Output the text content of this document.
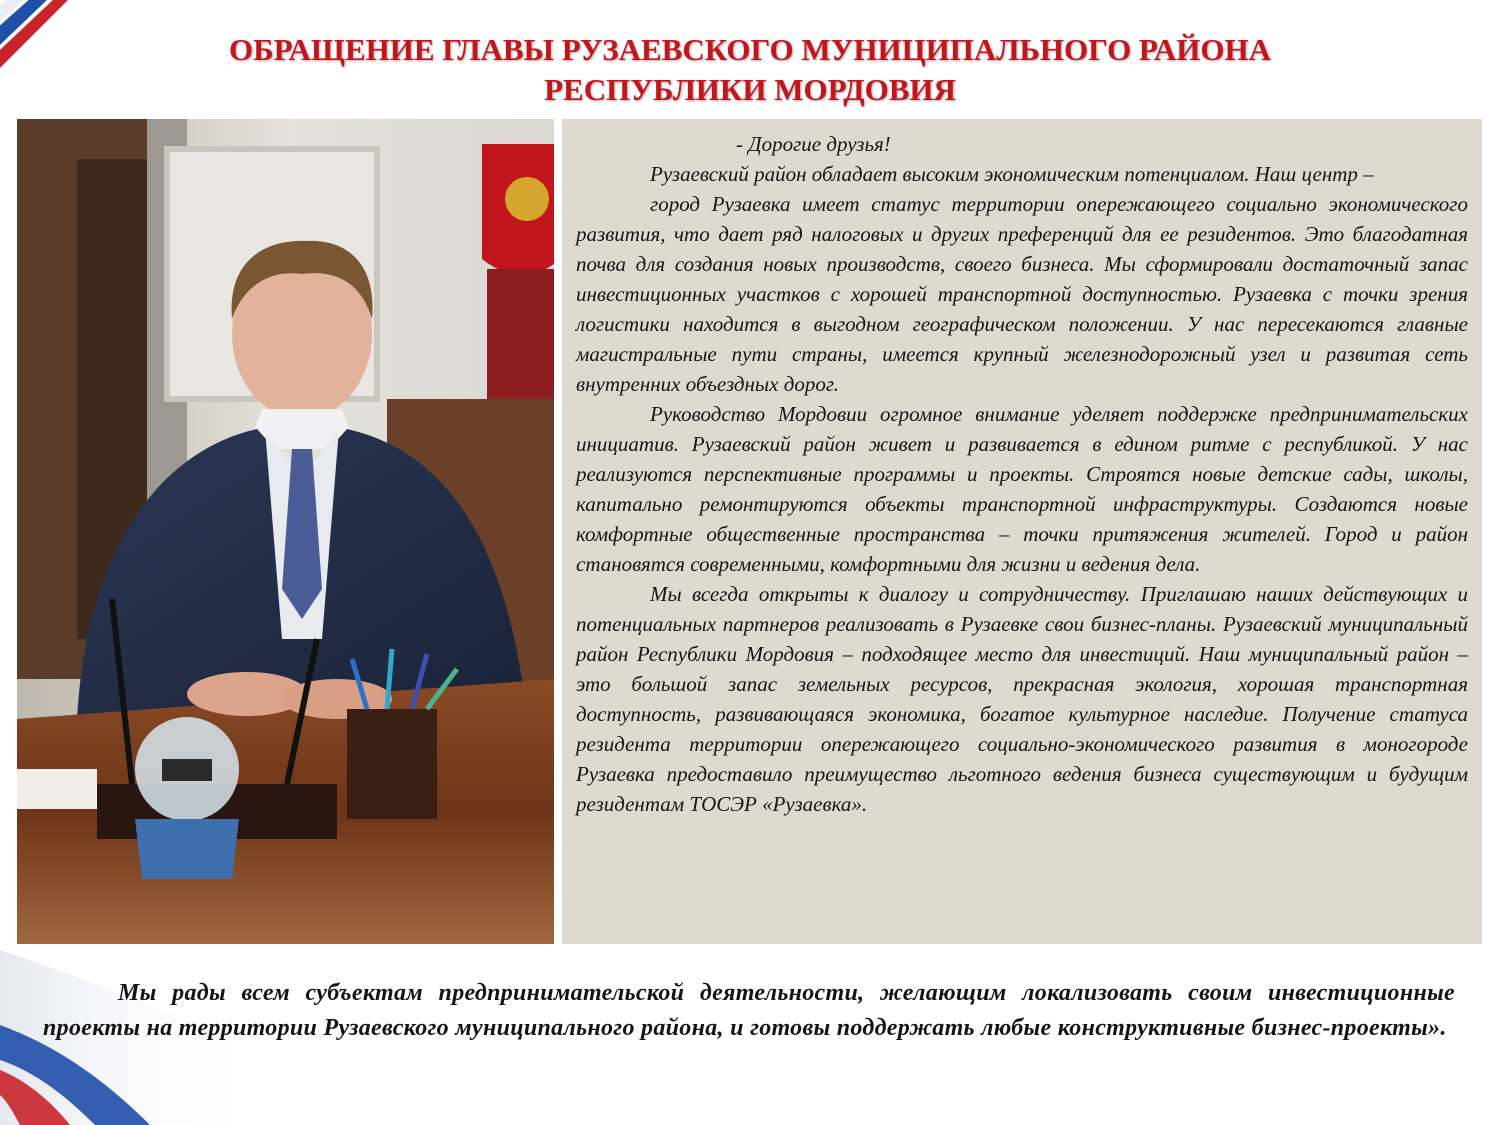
ОБРАЩЕНИЕ ГЛАВЫ РУЗАЕВСКОГО МУНИЦИПАЛЬНОГО РАЙОНА
РЕСПУБЛИКИ МОРДОВИЯ

- Дорогие друзья!

Рузаевский район обладает высоким экономическим потенциалом. Наш центр –

город Рузаевка имеет статус территории опережающего социально экономического развития, что дает ряд налоговых и других преференций для ее резидентов. Это благодатная почва для создания новых производств, своего бизнеса. Мы сформировали достаточный запас инвестиционных участков с хорошей транспортной доступностью. Рузаевка с точки зрения логистики находится в выгодном географическом положении. У нас пересекаются главные магистральные пути страны, имеется крупный железнодорожный узел и развитая сеть внутренних объездных дорог.

Руководство Мордовии огромное внимание уделяет поддержке предпринимательских инициатив. Рузаевский район живет и развивается в едином ритме с республикой. У нас реализуются перспективные программы и проекты. Строятся новые детские сады, школы, капитально ремонтируются объекты транспортной инфраструктуры. Создаются новые комфортные общественные пространства – точки притяжения жителей. Город и район становятся современными, комфортными для жизни и ведения дела.

Мы всегда открыты к диалогу и сотрудничеству. Приглашаю наших действующих и потенциальных партнеров реализовать в Рузаевке свои бизнес-планы. Рузаевский муниципальный район Республики Мордовия – подходящее место для инвестиций. Наш муниципальный район – это большой запас земельных ресурсов, прекрасная экология, хорошая транспортная доступность, развивающаяся экономика, богатое культурное наследие. Получение статуса резидента территории опережающего социально-экономического развития в моногороде Рузаевка предоставило преимущество льготного ведения бизнеса существующим и будущим резидентам ТОСЭР «Рузаевка».

Мы рады всем субъектам предпринимательской деятельности, желающим локализовать своим инвестиционные проекты на территории Рузаевского муниципального района, и готовы поддержать любые конструктивные бизнес-проекты».
